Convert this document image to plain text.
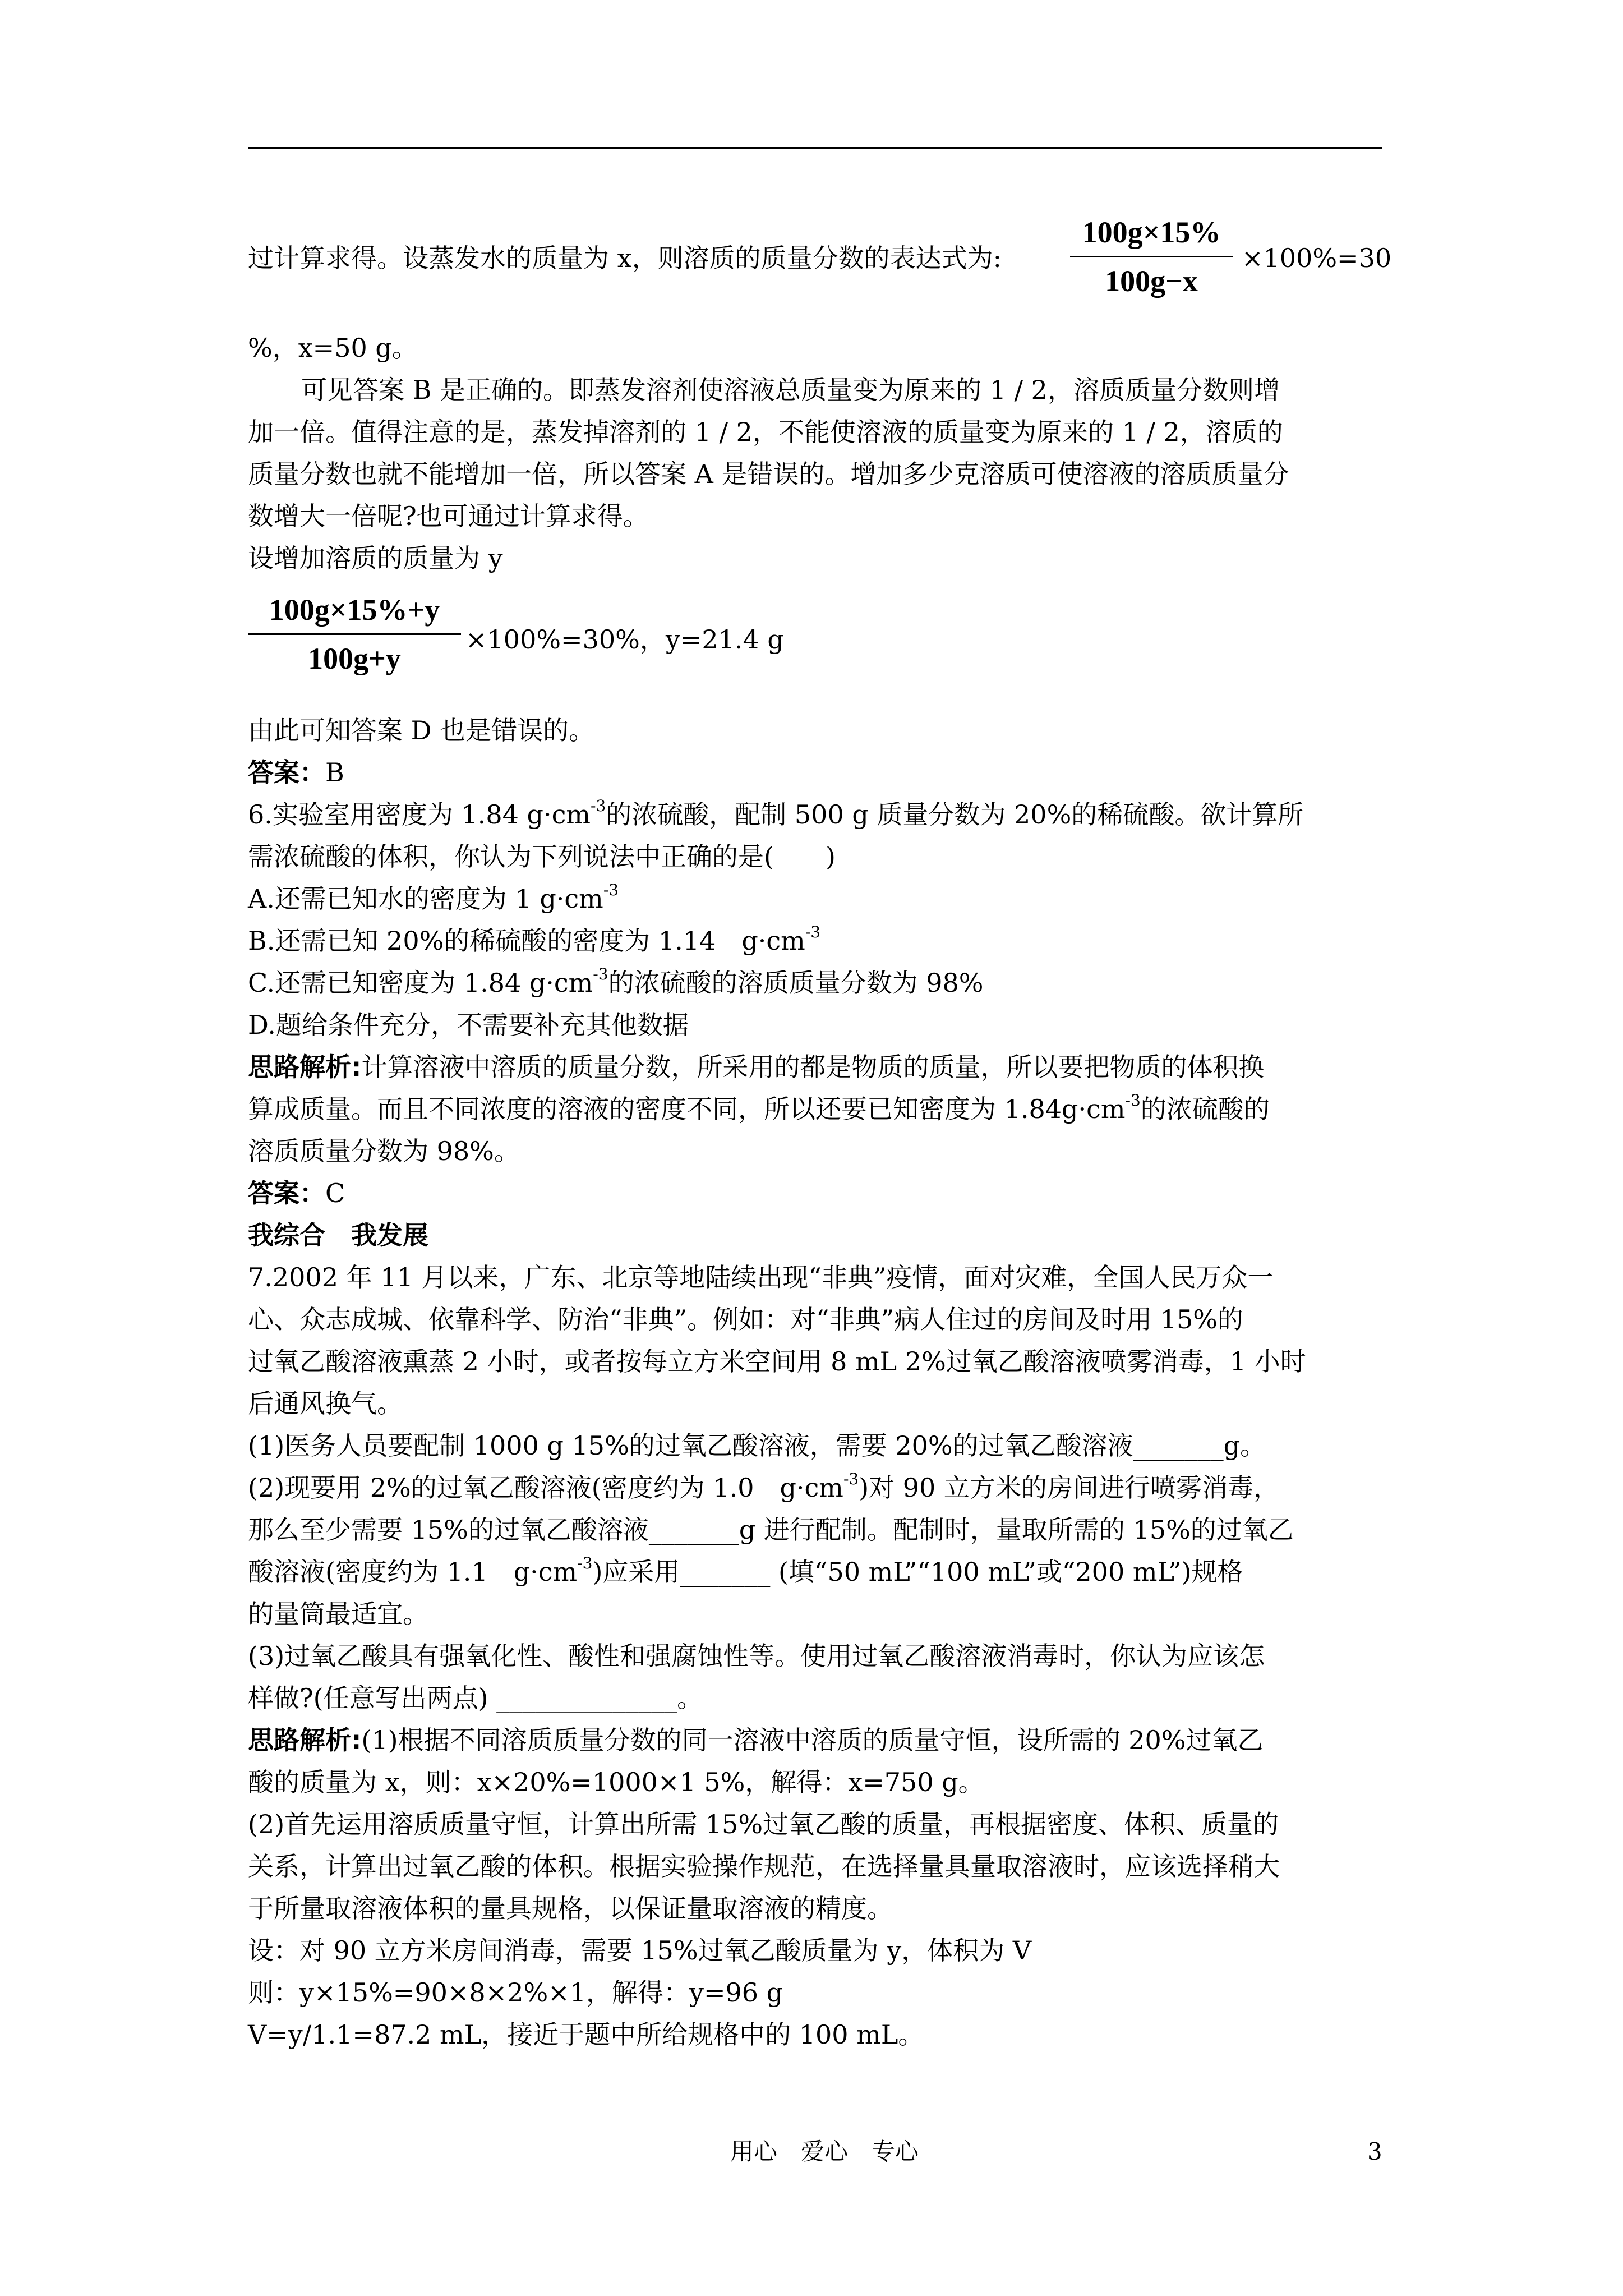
过计算求得。设蒸发水的质量为 x，则溶质的质量分数的表达式为:
100g×15%
100g−x
×100%=30
%，x=50 g。
可见答案 B 是正确的。即蒸发溶剂使溶液总质量变为原来的 1 / 2，溶质质量分数则增
加一倍。值得注意的是，蒸发掉溶剂的 1 / 2，不能使溶液的质量变为原来的 1 / 2，溶质的
质量分数也就不能增加一倍，所以答案 A 是错误的。增加多少克溶质可使溶液的溶质质量分
数增大一倍呢?也可通过计算求得。
设增加溶质的质量为 y
100g×15%+y
100g+y
×100%=30%，y=21.4 g
由此可知答案 D 也是错误的。
答案：B
6.实验室用密度为 1.84 $g\cdot cm^{-3}$的浓硫酸，配制 500 g 质量分数为 20%的稀硫酸。欲计算所
需浓硫酸的体积，你认为下列说法中正确的是(　　)
A.还需已知水的密度为 1 $g\cdot cm^{-3}$
B.还需已知 20%的稀硫酸的密度为 1.14　$g\cdot cm^{-3}$
C.还需已知密度为 1.84 $g\cdot cm^{-3}$的浓硫酸的溶质质量分数为 98%
D.题给条件充分，不需要补充其他数据
思路解析:计算溶液中溶质的质量分数，所采用的都是物质的质量，所以要把物质的体积换
算成质量。而且不同浓度的溶液的密度不同，所以还要已知密度为 $1.84g\cdot cm^{-3}$的浓硫酸的
溶质质量分数为 98%。
答案：C
我综合　我发展
7.2002 年 11 月以来，广东、北京等地陆续出现“非典”疫情，面对灾难，全国人民万众一
心、众志成城、依靠科学、防治“非典”。例如：对“非典”病人住过的房间及时用 15%的
过氧乙酸溶液熏蒸 2 小时，或者按每立方米空间用 8 mL 2%过氧乙酸溶液喷雾消毒，1 小时
后通风换气。
(1)医务人员要配制 1000 g 15%的过氧乙酸溶液，需要 20%的过氧乙酸溶液_______g。
(2)现要用 2%的过氧乙酸溶液(密度约为 1.0　$g\cdot cm^{-3}$)对 90 立方米的房间进行喷雾消毒，
那么至少需要 15%的过氧乙酸溶液_______g 进行配制。配制时，量取所需的 15%的过氧乙
酸溶液(密度约为 1.1　$g\cdot cm^{-3}$)应采用_______ (填“50 mL”“100 mL”或“200 mL”)规格
的量筒最适宜。
(3)过氧乙酸具有强氧化性、酸性和强腐蚀性等。使用过氧乙酸溶液消毒时，你认为应该怎
样做?(任意写出两点) ______________。
思路解析:(1)根据不同溶质质量分数的同一溶液中溶质的质量守恒，设所需的 20%过氧乙
酸的质量为 x，则：x×20%=1000×1 5%，解得：x=750 g。
(2)首先运用溶质质量守恒，计算出所需 15%过氧乙酸的质量，再根据密度、体积、质量的
关系，计算出过氧乙酸的体积。根据实验操作规范，在选择量具量取溶液时，应该选择稍大
于所量取溶液体积的量具规格，以保证量取溶液的精度。
设：对 90 立方米房间消毒，需要 15%过氧乙酸质量为 y，体积为 V
则：y×15%=90×8×2%×1，解得：y=96 g
V=y/1.1=87.2 mL，接近于题中所给规格中的 100 mL。
用心　爱心　专心	3
